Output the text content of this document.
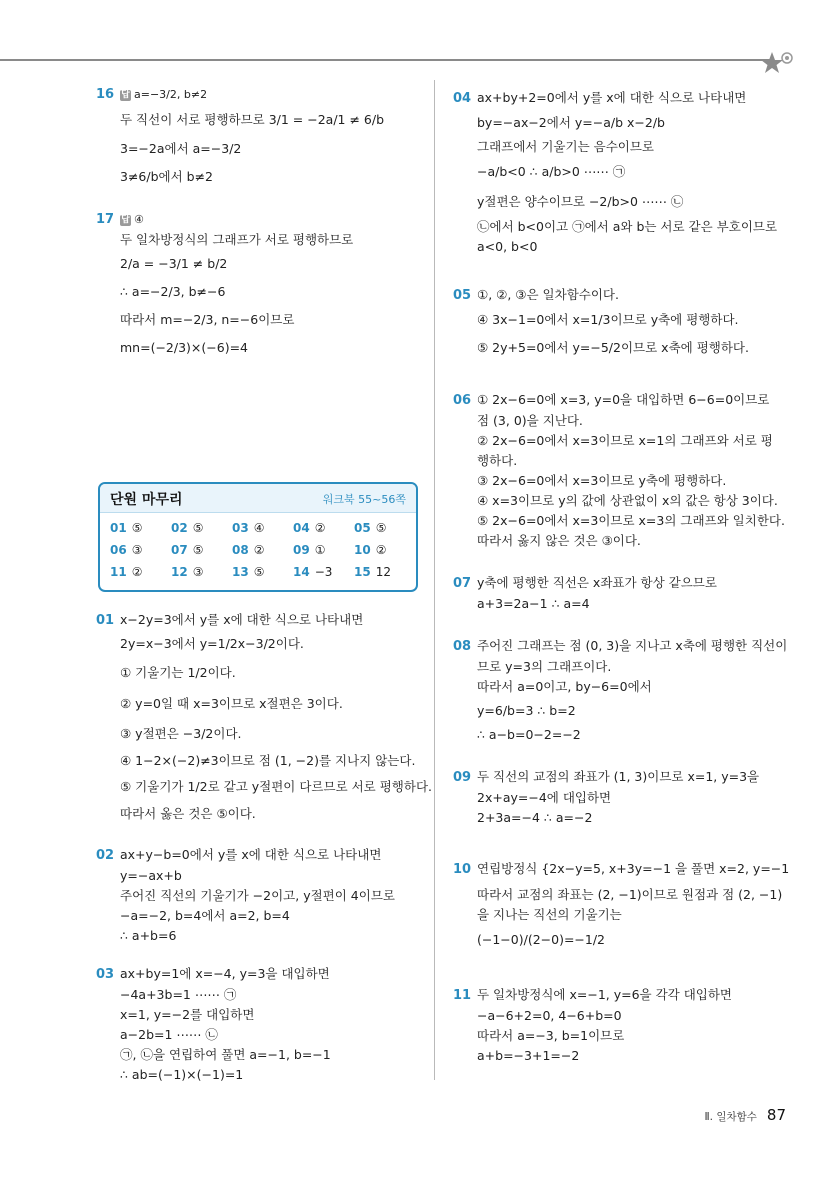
16 답 a=−3/2, b≠2
두 직선이 서로 평행하므로 3/1 = −2a/1 ≠ 6/b
3=−2a에서 a=−3/2
3≠6/b에서 b≠2
17 답 ④
두 일차방정식의 그래프가 서로 평행하므로
2/a = −3/1 ≠ b/2
∴ a=−2/3, b≠−6
따라서 m=−2/3, n=−6이므로
mn=(−2/3)×(−6)=4
단원 마무리	워크북 55~56쪽
01 ⑤ 02 ⑤ 03 ④ 04 ② 05 ⑤
06 ③ 07 ⑤ 08 ② 09 ① 10 ②
11 ② 12 ③ 13 ⑤ 14 −3 15 12
01 x−2y=3에서 y를 x에 대한 식으로 나타내면
2y=x−3에서 y=1/2x−3/2이다.
① 기울기는 1/2이다.
② y=0일 때 x=3이므로 x절편은 3이다.
③ y절편은 −3/2이다.
④ 1−2×(−2)≠3이므로 점 (1, −2)를 지나지 않는다.
⑤ 기울기가 1/2로 같고 y절편이 다르므로 서로 평행하다.
따라서 옳은 것은 ⑤이다.
02 ax+y−b=0에서 y를 x에 대한 식으로 나타내면
y=−ax+b
주어진 직선의 기울기가 −2이고, y절편이 4이므로
−a=−2, b=4에서 a=2, b=4
∴ a+b=6
03 ax+by=1에 x=−4, y=3을 대입하면
−4a+3b=1 ⋯⋯ ㉠
x=1, y=−2를 대입하면
a−2b=1 ⋯⋯ ㉡
㉠, ㉡을 연립하여 풀면 a=−1, b=−1
∴ ab=(−1)×(−1)=1
04 ax+by+2=0에서 y를 x에 대한 식으로 나타내면
by=−ax−2에서 y=−a/b x−2/b
그래프에서 기울기는 음수이므로
−a/b<0 ∴ a/b>0 ⋯⋯ ㉠
y절편은 양수이므로 −2/b>0 ⋯⋯ ㉡
㉡에서 b<0이고 ㉠에서 a와 b는 서로 같은 부호이므로
a<0, b<0
05 ①, ②, ③은 일차함수이다.
④ 3x−1=0에서 x=1/3이므로 y축에 평행하다.
⑤ 2y+5=0에서 y=−5/2이므로 x축에 평행하다.
06 ① 2x−6=0에 x=3, y=0을 대입하면 6−6=0이므로
점 (3, 0)을 지난다.
② 2x−6=0에서 x=3이므로 x=1의 그래프와 서로 평
행하다.
③ 2x−6=0에서 x=3이므로 y축에 평행하다.
④ x=3이므로 y의 값에 상관없이 x의 값은 항상 3이다.
⑤ 2x−6=0에서 x=3이므로 x=3의 그래프와 일치한다.
따라서 옳지 않은 것은 ③이다.
07 y축에 평행한 직선은 x좌표가 항상 같으므로
a+3=2a−1 ∴ a=4
08 주어진 그래프는 점 (0, 3)을 지나고 x축에 평행한 직선이
므로 y=3의 그래프이다.
따라서 a=0이고, by−6=0에서
y=6/b=3 ∴ b=2
∴ a−b=0−2=−2
09 두 직선의 교점의 좌표가 (1, 3)이므로 x=1, y=3을
2x+ay=−4에 대입하면
2+3a=−4 ∴ a=−2
10 연립방정식 {2x−y=5, x+3y=−1 을 풀면 x=2, y=−1
따라서 교점의 좌표는 (2, −1)이므로 원점과 점 (2, −1)
을 지나는 직선의 기울기는
(−1−0)/(2−0)=−1/2
11 두 일차방정식에 x=−1, y=6을 각각 대입하면
−a−6+2=0, 4−6+b=0
따라서 a=−3, b=1이므로
a+b=−3+1=−2
Ⅱ. 일차함수 87
